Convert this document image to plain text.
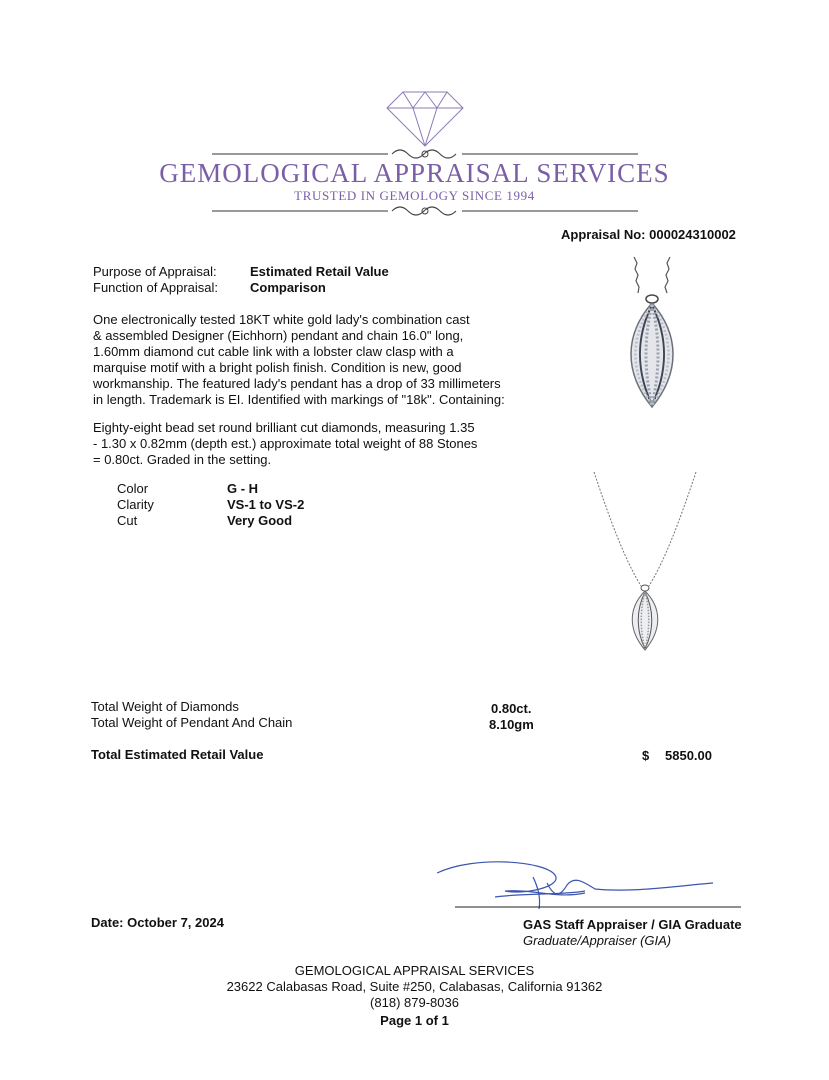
GEMOLOGICAL APPRAISAL SERVICES
TRUSTED IN GEMOLOGY SINCE 1994
Appraisal No: 000024310002
Purpose of Appraisal:	Estimated Retail Value
Function of Appraisal: Comparison
One electronically tested 18KT white gold lady's combination cast
& assembled Designer (Eichhorn) pendant and chain 16.0" long,
1.60mm diamond cut cable link with a lobster claw clasp with a
marquise motif with a bright polish finish. Condition is new, good
workmanship. The featured lady's pendant has a drop of 33 millimeters
in length. Trademark is EI. Identified with markings of "18k". Containing:
Eighty-eight bead set round brilliant cut diamonds, measuring 1.35
- 1.30 x 0.82mm (depth est.) approximate total weight of 88 Stones
= 0.80ct. Graded in the setting.
Color	G - H
Clarity	VS-1 to VS-2
Cut	Very Good
Total Weight of Diamonds	0.80ct.
Total Weight of Pendant And Chain	8.10gm
Total Estimated Retail Value	$ 5850.00
Date: October 7, 2024	GAS Staff Appraiser / GIA Graduate
Graduate/Appraiser (GIA)
GEMOLOGICAL APPRAISAL SERVICES
23622 Calabasas Road, Suite #250, Calabasas, California 91362
(818) 879-8036
Page 1 of 1
